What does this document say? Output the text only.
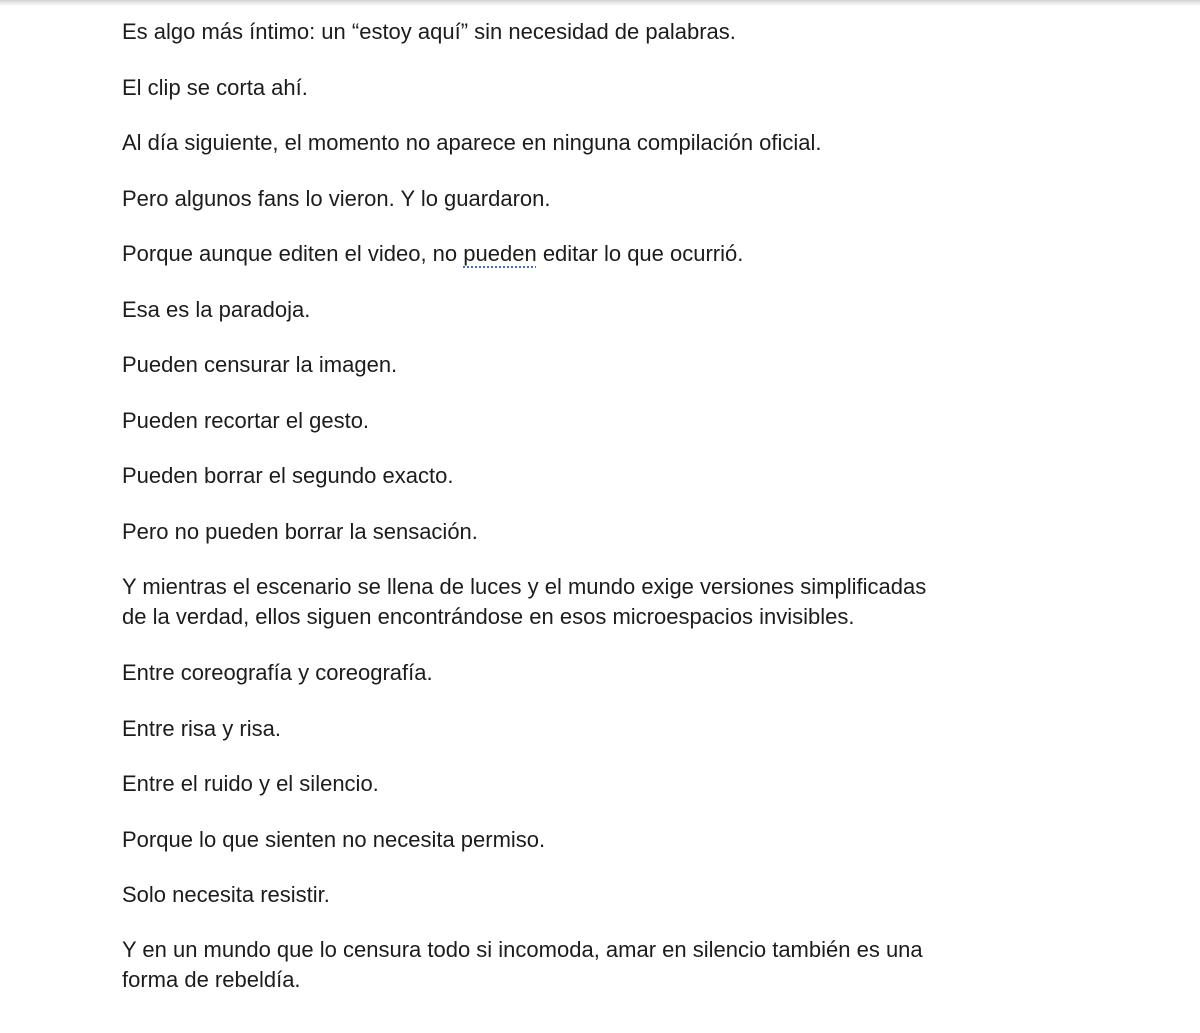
Es algo más íntimo: un “estoy aquí” sin necesidad de palabras.

El clip se corta ahí.

Al día siguiente, el momento no aparece en ninguna compilación oficial.

Pero algunos fans lo vieron. Y lo guardaron.

Porque aunque editen el video, no pueden editar lo que ocurrió.

Esa es la paradoja.

Pueden censurar la imagen.

Pueden recortar el gesto.

Pueden borrar el segundo exacto.

Pero no pueden borrar la sensación.

Y mientras el escenario se llena de luces y el mundo exige versiones simplificadas
de la verdad, ellos siguen encontrándose en esos microespacios invisibles.

Entre coreografía y coreografía.

Entre risa y risa.

Entre el ruido y el silencio.

Porque lo que sienten no necesita permiso.

Solo necesita resistir.

Y en un mundo que lo censura todo si incomoda, amar en silencio también es una
forma de rebeldía.
